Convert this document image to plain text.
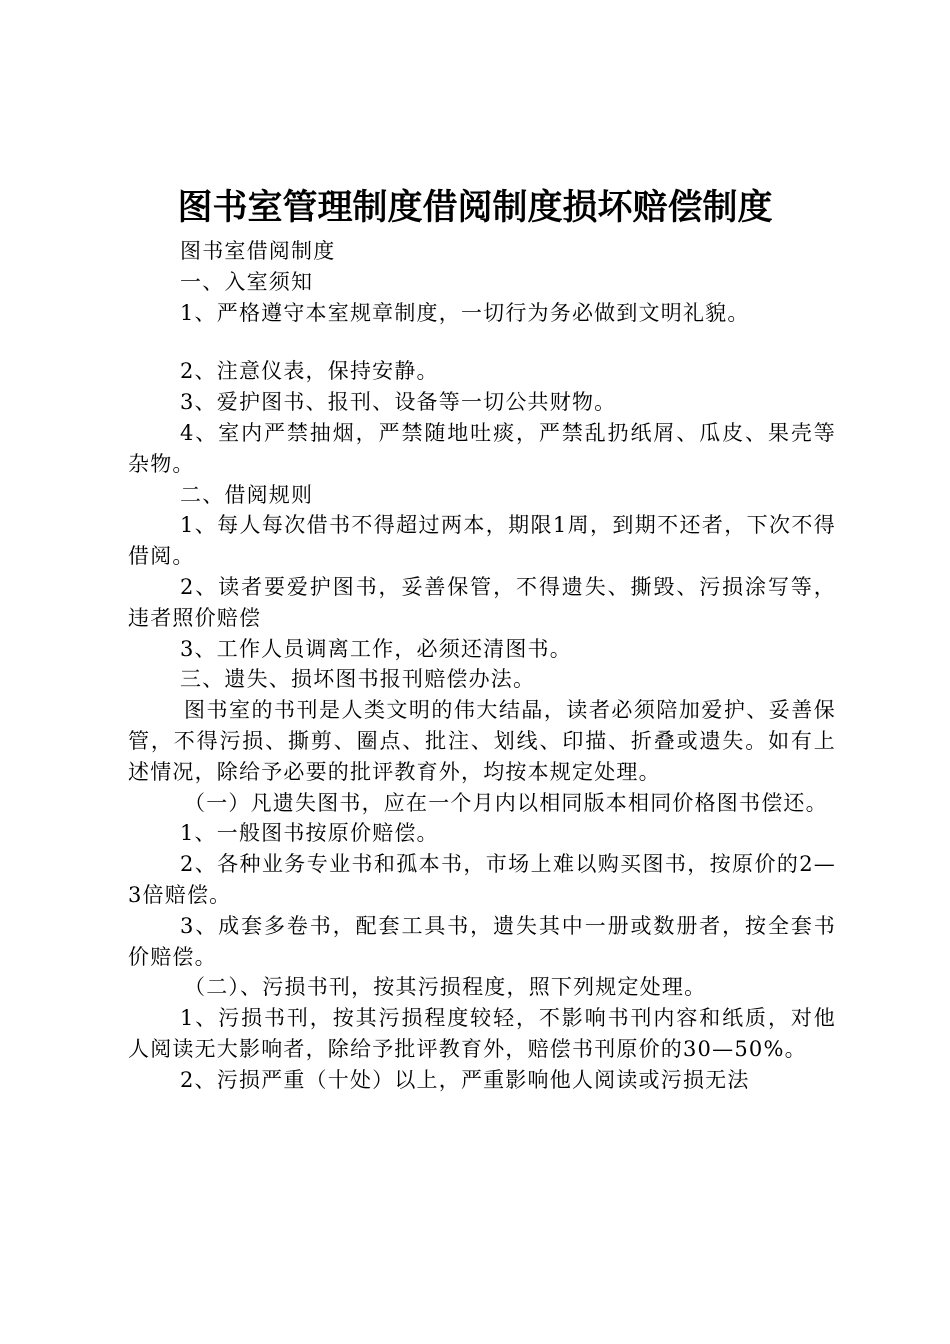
图书室管理制度借阅制度损坏赔偿制度

图书室借阅制度

一、入室须知

1、严格遵守本室规章制度，一切行为务必做到文明礼貌。

2、注意仪表，保持安静。

3、爱护图书、报刊、设备等一切公共财物。

4、室内严禁抽烟，严禁随地吐痰，严禁乱扔纸屑、瓜皮、果壳等杂物。

二、借阅规则

1、每人每次借书不得超过两本，期限1周，到期不还者，下次不得借阅。

2、读者要爱护图书，妥善保管，不得遗失、撕毁、污损涂写等，违者照价赔偿

3、工作人员调离工作，必须还清图书。

三、遗失、损坏图书报刊赔偿办法。

图书室的书刊是人类文明的伟大结晶，读者必须陪加爱护、妥善保管，不得污损、撕剪、圈点、批注、划线、印描、折叠或遗失。如有上述情况，除给予必要的批评教育外，均按本规定处理。

（一）凡遗失图书，应在一个月内以相同版本相同价格图书偿还。

1、一般图书按原价赔偿。

2、各种业务专业书和孤本书，市场上难以购买图书，按原价的2—3倍赔偿。

3、成套多卷书，配套工具书，遗失其中一册或数册者，按全套书价赔偿。

（二）、污损书刊，按其污损程度，照下列规定处理。

1、污损书刊，按其污损程度较轻，不影响书刊内容和纸质，对他人阅读无大影响者，除给予批评教育外，赔偿书刊原价的30—50%。

2、污损严重（十处）以上，严重影响他人阅读或污损无法
